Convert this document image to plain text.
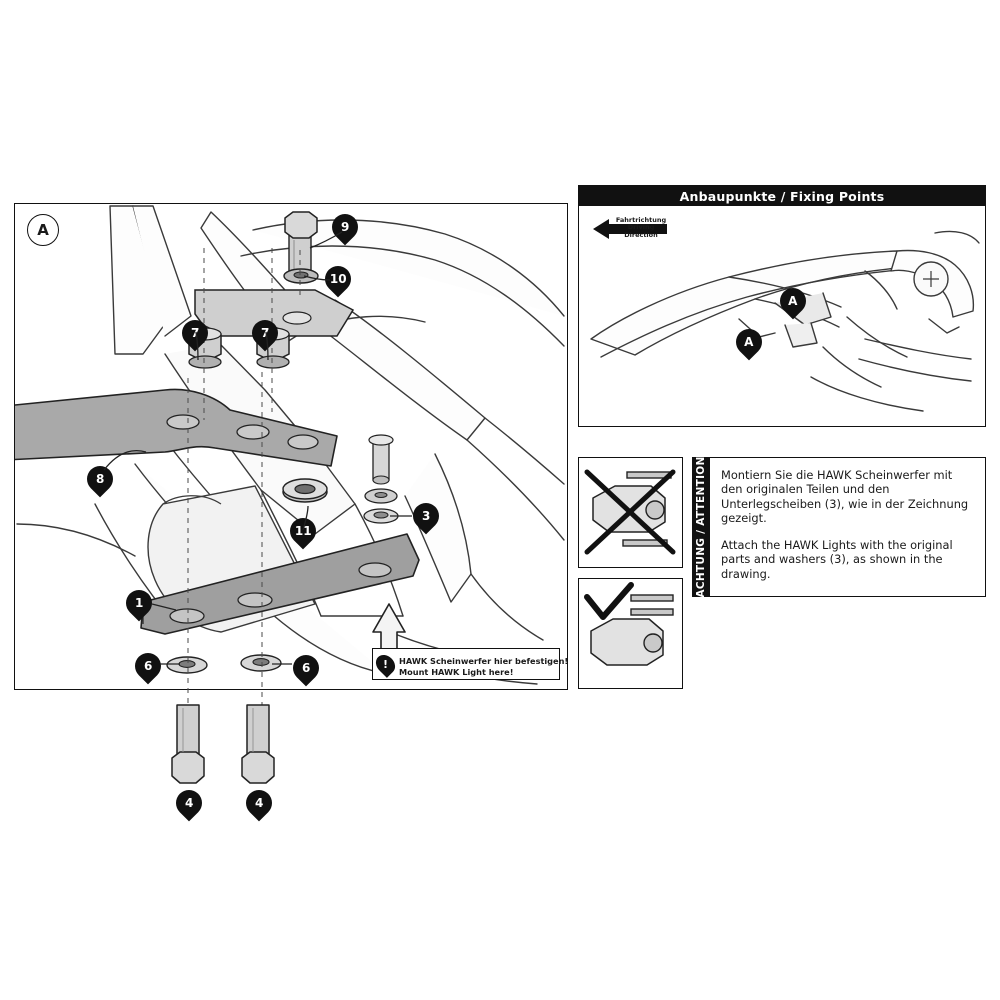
A	9
10
7	7
8
11
3
1
6	6
4	4
! HAWK Scheinwerfer hier befestigen!
Mount HAWK Light here!
Anbaupunkte / Fixing Points
Fahrtrichtung
Driving Direction
A
A
Montiern Sie die HAWK Scheinwerfer mit den originalen Teilen und den Unterlegscheiben (3), wie in der Zeichnung gezeigt.
Attach the HAWK Lights with the original parts and washers (3), as shown in the drawing.
ACHTUNG / ATTENTION
